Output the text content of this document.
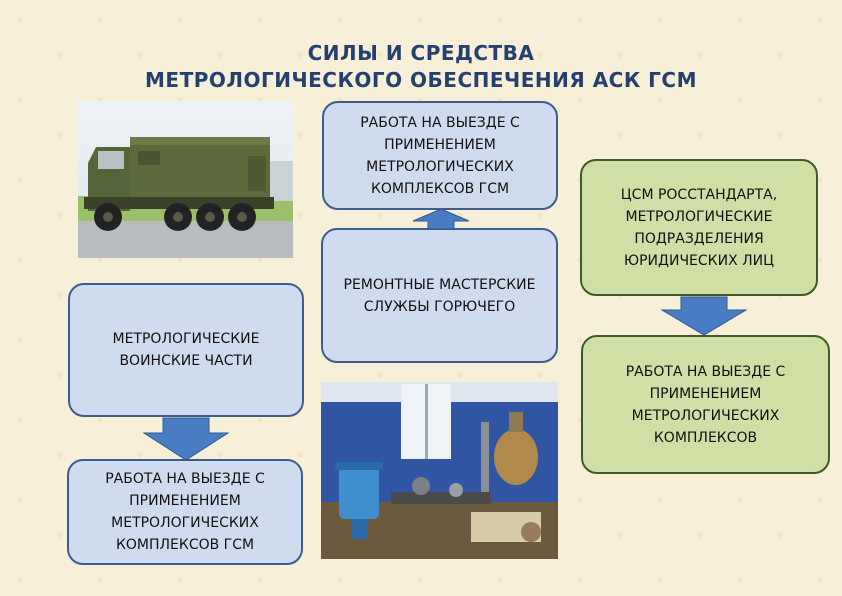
СИЛЫ И СРЕДСТВА
МЕТРОЛОГИЧЕСКОГО ОБЕСПЕЧЕНИЯ АСК ГСМ
МЕТРОЛОГИЧЕСКИЕ ВОИНСКИЕ ЧАСТИ
РАБОТА НА ВЫЕЗДЕ С ПРИМЕНЕНИЕМ МЕТРОЛОГИЧЕСКИХ КОМПЛЕКСОВ ГСМ
РАБОТА НА ВЫЕЗДЕ С ПРИМЕНЕНИЕМ МЕТРОЛОГИЧЕСКИХ КОМПЛЕКСОВ ГСМ
РЕМОНТНЫЕ МАСТЕРСКИЕ СЛУЖБЫ ГОРЮЧЕГО
ЦСМ РОССТАНДАРТА, МЕТРОЛОГИЧЕСКИЕ ПОДРАЗДЕЛЕНИЯ ЮРИДИЧЕСКИХ ЛИЦ
РАБОТА НА ВЫЕЗДЕ С ПРИМЕНЕНИЕМ МЕТРОЛОГИЧЕСКИХ КОМПЛЕКСОВ
